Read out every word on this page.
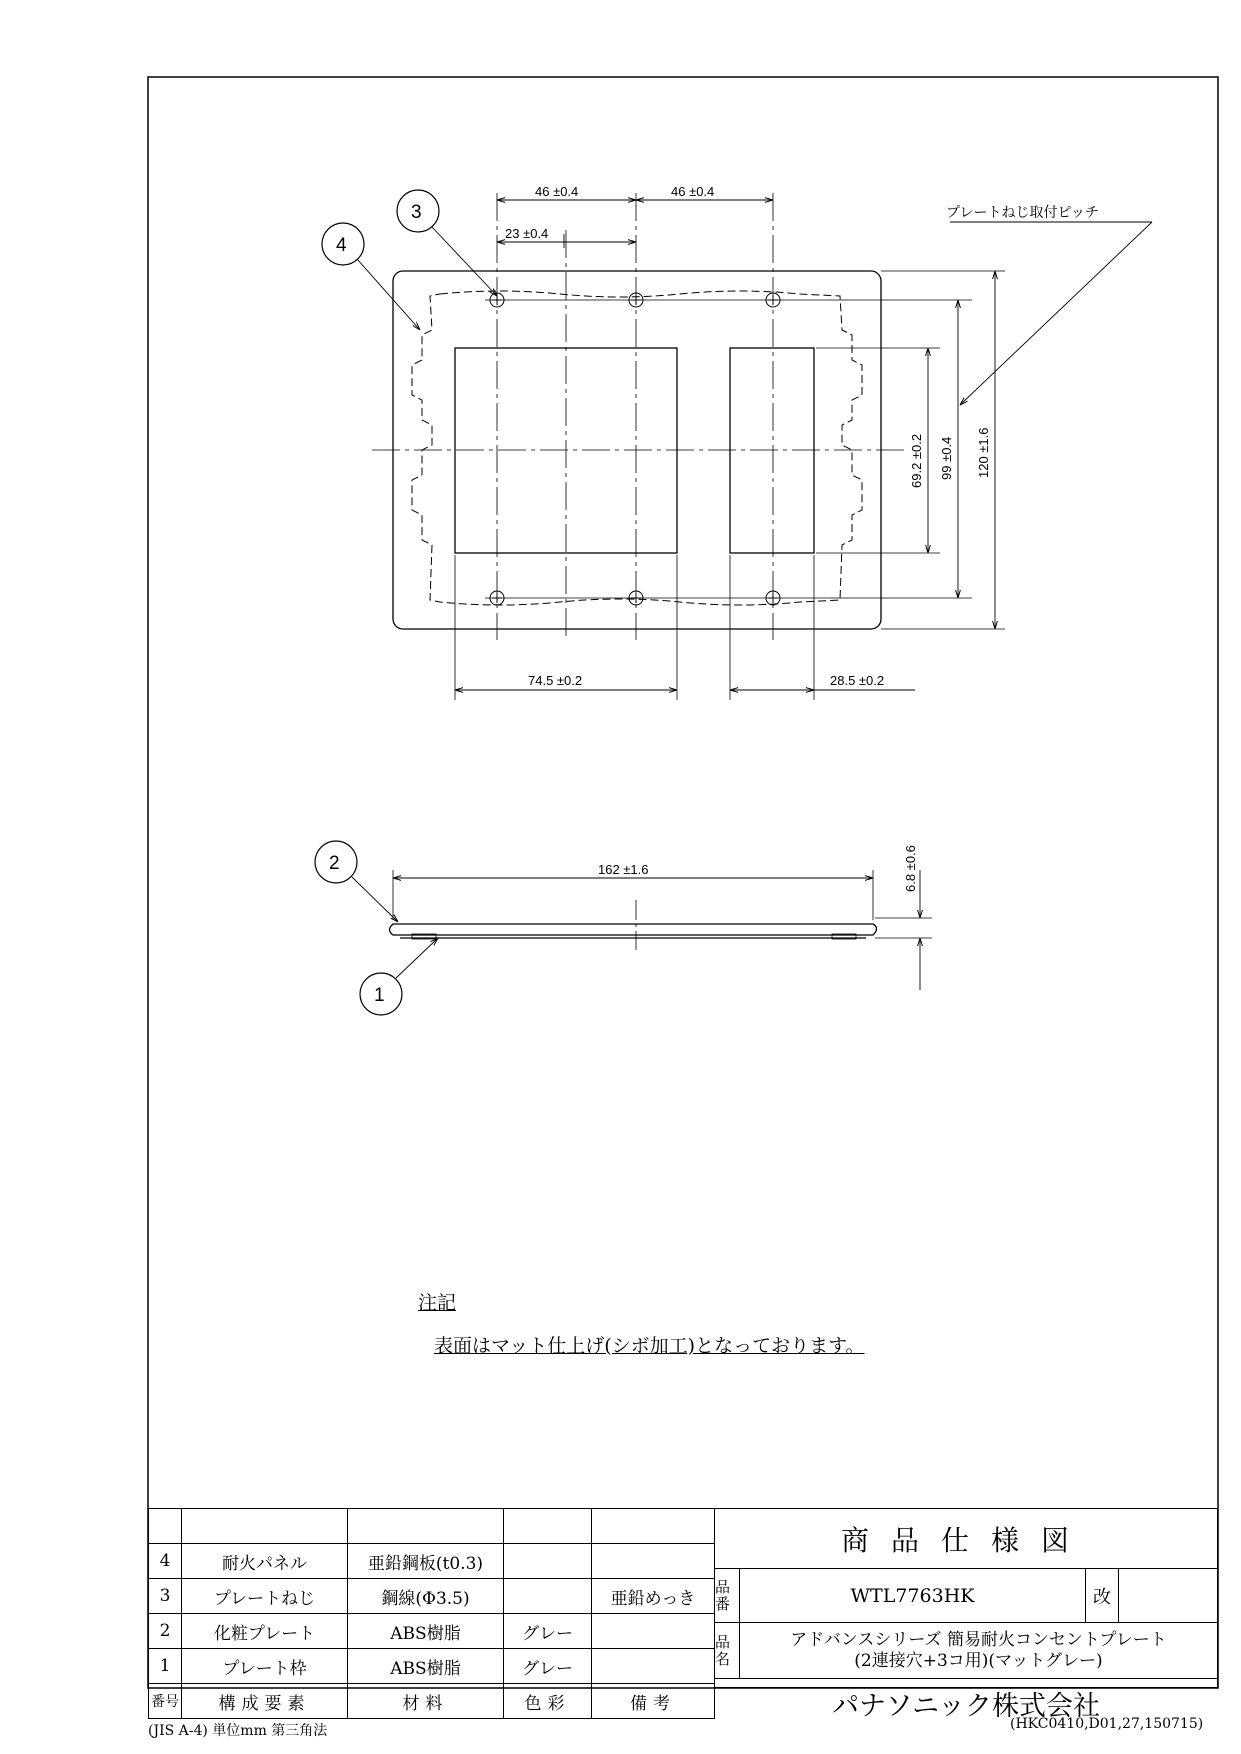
46 ±0.4	46 ±0.4
23 ±0.4
74.5 ±0.2	28.5 ±0.2
69.2 ±0.2 99 ±0.4 120 ±1.6
162 ±1.6	6.8 ±0.6
プレートねじ取付ピッチ
3
4
2
1
注記
表面はマット仕上げ(シボ加工)となっております。

4	耐火パネル	亜鉛鋼板(t0.3)		
3	プレートねじ	鋼線(Φ3.5)		亜鉛めっき
2	化粧プレート	ABS樹脂	グレー	
1	プレート枠	ABS樹脂	グレー	
番号	構成要素	材料	色彩	備考
商品仕様図
品番	WTL7763HK	改
品名
アドバンスシリーズ 簡易耐火コンセントプレート
(2連接穴+3コ用)(マットグレー)
パナソニック株式会社
(JIS A-4) 単位mm 第三角法	(HKC0410,D01,27,150715)
